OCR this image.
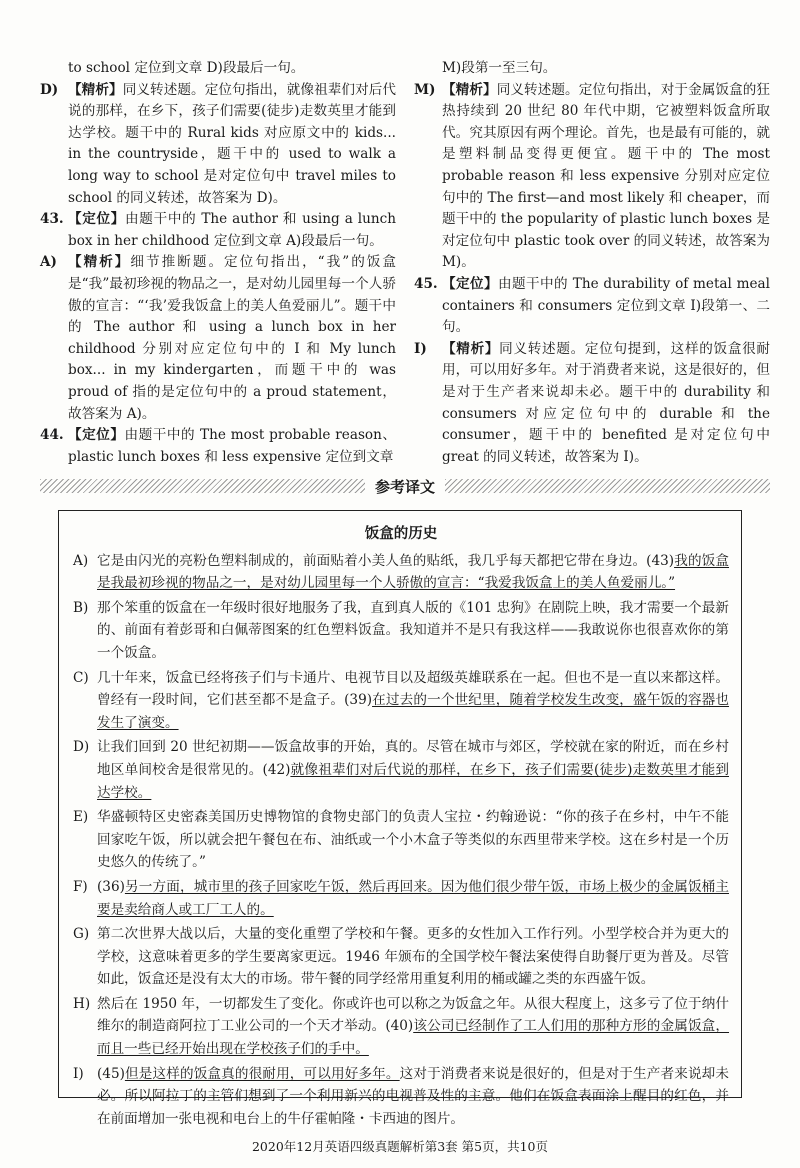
to school 定位到文章 D)段最后一句。

D) 【精析】同义转述题。定位句指出，就像祖辈们对后代说的那样，在乡下，孩子们需要(徒步)走数英里才能到达学校。题干中的 Rural kids 对应原文中的 kids... in the countryside，题干中的 used to walk a long way to school 是对定位句中 travel miles to school 的同义转述，故答案为 D)。
43. 【定位】由题干中的 The author 和 using a lunch box in her childhood 定位到文章 A)段最后一句。
A) 【精析】细节推断题。定位句指出，“我”的饭盒是“我”最初珍视的物品之一，是对幼儿园里每一个人骄傲的宣言：“‘我’爱我饭盒上的美人鱼爱丽儿”。题干中的 The author 和 using a lunch box in her childhood 分别对应定位句中的 I 和 My lunch box... in my kindergarten，而题干中的 was proud of 指的是定位句中的 a proud statement，故答案为 A)。
44. 【定位】由题干中的 The most probable reason、plastic lunch boxes 和 less expensive 定位到文章

M)段第一至三句。

M) 【精析】同义转述题。定位句指出，对于金属饭盒的狂热持续到 20 世纪 80 年代中期，它被塑料饭盒所取代。究其原因有两个理论。首先，也是最有可能的，就是塑料制品变得更便宜。题干中的 The most probable reason 和 less expensive 分别对应定位句中的 The first—and most likely 和 cheaper，而题干中的 the popularity of plastic lunch boxes 是对定位句中 plastic took over 的同义转述，故答案为 M)。
45. 【定位】由题干中的 The durability of metal meal containers 和 consumers 定位到文章 I)段第一、二句。
I)	【精析】同义转述题。定位句提到，这样的饭盒很耐用，可以用好多年。对于消费者来说，这是很好的，但是对于生产者来说却未必。题干中的 durability 和 consumers 对应定位句中的 durable 和 the consumer，题干中的 benefited 是对定位句中 great 的同义转述，故答案为 I)。
参考译文
饭盒的历史
A) 它是由闪光的亮粉色塑料制成的，前面贴着小美人鱼的贴纸，我几乎每天都把它带在身边。(43)我的饭盒是我最初珍视的物品之一，是对幼儿园里每一个人骄傲的宣言：“我爱我饭盒上的美人鱼爱丽儿。”
B) 那个笨重的饭盒在一年级时很好地服务了我，直到真人版的《101 忠狗》在剧院上映，我才需要一个最新的、前面有着彭哥和白佩蒂图案的红色塑料饭盒。我知道并不是只有我这样——我敢说你也很喜欢你的第一个饭盒。
C) 几十年来，饭盒已经将孩子们与卡通片、电视节目以及超级英雄联系在一起。但也不是一直以来都这样。曾经有一段时间，它们甚至都不是盒子。(39)在过去的一个世纪里，随着学校发生改变，盛午饭的容器也发生了演变。
D) 让我们回到 20 世纪初期——饭盒故事的开始，真的。尽管在城市与郊区，学校就在家的附近，而在乡村地区单间校舍是很常见的。(42)就像祖辈们对后代说的那样，在乡下，孩子们需要(徒步)走数英里才能到达学校。
E) 华盛顿特区史密森美国历史博物馆的食物史部门的负责人宝拉・约翰逊说：“你的孩子在乡村，中午不能回家吃午饭，所以就会把午餐包在布、油纸或一个小木盒子等类似的东西里带来学校。这在乡村是一个历史悠久的传统了。”
F) (36)另一方面，城市里的孩子回家吃午饭，然后再回来。因为他们很少带午饭，市场上极少的金属饭桶主要是卖给商人或工厂工人的。
G) 第二次世界大战以后，大量的变化重塑了学校和午餐。更多的女性加入工作行列。小型学校合并为更大的学校，这意味着更多的学生要离家更远。1946 年颁布的全国学校午餐法案使得自助餐厅更为普及。尽管如此，饭盒还是没有太大的市场。带午餐的同学经常用重复利用的桶或罐之类的东西盛午饭。
H) 然后在 1950 年，一切都发生了变化。你或许也可以称之为饭盒之年。从很大程度上，这多亏了位于纳什维尔的制造商阿拉丁工业公司的一个天才举动。(40)该公司已经制作了工人们用的那种方形的金属饭盒，而且一些已经开始出现在学校孩子们的手中。
I) (45)但是这样的饭盒真的很耐用，可以用好多年。这对于消费者来说是很好的，但是对于生产者来说却未必。所以阿拉丁的主管们想到了一个利用新兴的电视普及性的主意。他们在饭盒表面涂上醒目的红色，并在前面增加一张电视和电台上的牛仔霍帕隆・卡西迪的图片。
2020年12月英语四级真题解析第3套 第5页，共10页
